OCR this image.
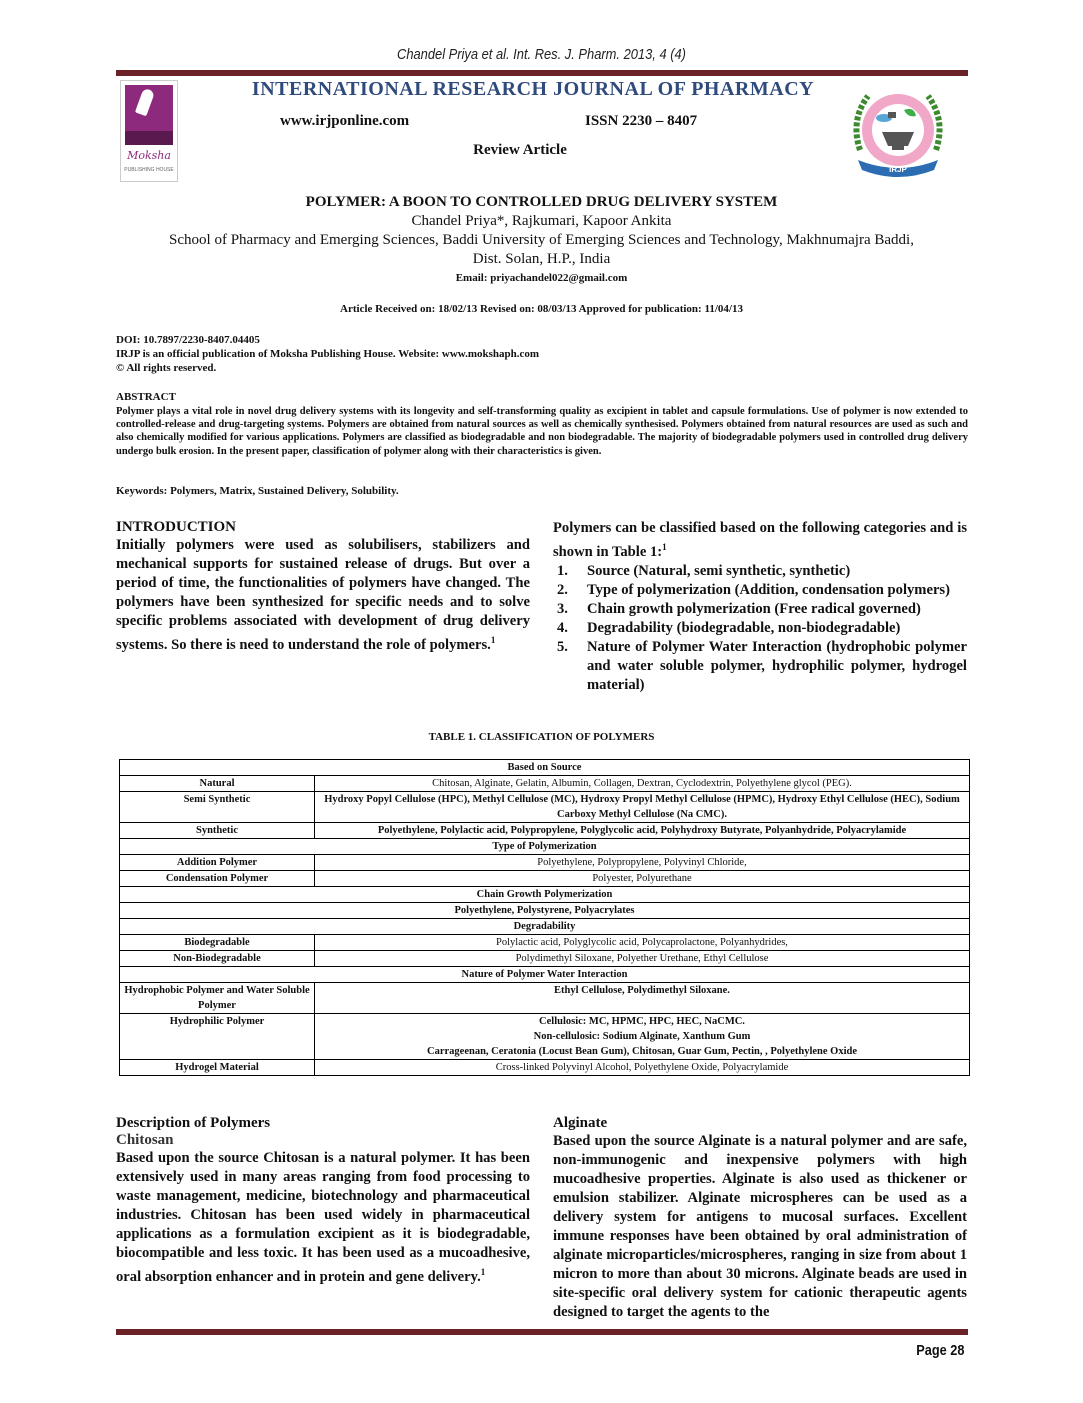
Chandel Priya et al. Int. Res. J. Pharm. 2013, 4 (4)
Moksha
PUBLISHING HOUSE
INTERNATIONAL RESEARCH JOURNAL OF PHARMACY
www.irjponline.com	ISSN 2230 – 8407
Review Article
IRJP
POLYMER: A BOON TO CONTROLLED DRUG DELIVERY SYSTEM
Chandel Priya*, Rajkumari, Kapoor Ankita
School of Pharmacy and Emerging Sciences, Baddi University of Emerging Sciences and Technology, Makhnumajra Baddi,
Dist. Solan, H.P., India
Email: priyachandel022@gmail.com
Article Received on: 18/02/13 Revised on: 08/03/13 Approved for publication: 11/04/13
DOI: 10.7897/2230-8407.04405
IRJP is an official publication of Moksha Publishing House. Website: www.mokshaph.com
© All rights reserved.
ABSTRACT
Polymer plays a vital role in novel drug delivery systems with its longevity and self-transforming quality as excipient in tablet and capsule formulations. Use of polymer is now extended to controlled-release and drug-targeting systems. Polymers are obtained from natural sources as well as chemically synthesised. Polymers obtained from natural resources are used as such and also chemically modified for various applications. Polymers are classified as biodegradable and non biodegradable. The majority of biodegradable polymers used in controlled drug delivery undergo bulk erosion. In the present paper, classification of polymer along with their characteristics is given.
Keywords: Polymers, Matrix, Sustained Delivery, Solubility.
INTRODUCTION
Initially polymers were used as solubilisers, stabilizers and mechanical supports for sustained release of drugs. But over a period of time, the functionalities of polymers have changed. The polymers have been synthesized for specific needs and to solve specific problems associated with development of drug delivery systems. So there is need to understand the role of polymers.$^1$
Polymers can be classified based on the following categories and is shown in Table 1:$^1$
1.	Source (Natural, semi synthetic, synthetic)
2.	Type of polymerization (Addition, condensation polymers)
3.	Chain growth polymerization (Free radical governed)
4.	Degradability (biodegradable, non-biodegradable)
5.	Nature of Polymer Water Interaction (hydrophobic polymer and water soluble polymer, hydrophilic polymer, hydrogel material)
TABLE 1. CLASSIFICATION OF POLYMERS
Based on Source	
Natural	Chitosan, Alginate, Gelatin, Albumin, Collagen, Dextran, Cyclodextrin, Polyethylene glycol (PEG).
Semi Synthetic	Hydroxy Popyl Cellulose (HPC), Methyl Cellulose (MC), Hydroxy Propyl Methyl Cellulose (HPMC), Hydroxy Ethyl Cellulose (HEC), Sodium Carboxy Methyl Cellulose (Na CMC).
Synthetic	Polyethylene, Polylactic acid, Polypropylene, Polyglycolic acid, Polyhydroxy Butyrate, Polyanhydride, Polyacrylamide
Type of Polymerization	
Addition Polymer	Polyethylene, Polypropylene, Polyvinyl Chloride,
Condensation Polymer	Polyester, Polyurethane
Chain Growth Polymerization	
Polyethylene, Polystyrene, Polyacrylates	
Degradability	
Biodegradable	Polylactic acid, Polyglycolic acid, Polycaprolactone, Polyanhydrides,
Non-Biodegradable	Polydimethyl Siloxane, Polyether Urethane, Ethyl Cellulose
Nature of Polymer Water Interaction	
Hydrophobic Polymer and Water Soluble Polymer	Ethyl Cellulose, Polydimethyl Siloxane.
Hydrophilic Polymer	Cellulosic: MC, HPMC, HPC, HEC, NaCMC.
Non-cellulosic: Sodium Alginate, Xanthum Gum
Carrageenan, Ceratonia (Locust Bean Gum), Chitosan, Guar Gum, Pectin, , Polyethylene Oxide

Hydrogel Material	Cross-linked Polyvinyl Alcohol, Polyethylene Oxide, Polyacrylamide
Description of Polymers
Chitosan
Based upon the source Chitosan is a natural polymer. It has been extensively used in many areas ranging from food processing to waste management, medicine, biotechnology and pharmaceutical industries. Chitosan has been used widely in pharmaceutical applications as a formulation excipient as it is biodegradable, biocompatible and less toxic. It has been used as a mucoadhesive, oral absorption enhancer and in protein and gene delivery.$^1$
Alginate
Based upon the source Alginate is a natural polymer and are safe, non-immunogenic and inexpensive polymers with high mucoadhesive properties. Alginate is also used as thickener or emulsion stabilizer. Alginate microspheres can be used as a delivery system for antigens to mucosal surfaces. Excellent immune responses have been obtained by oral administration of alginate microparticles/microspheres, ranging in size from about 1 micron to more than about 30 microns. Alginate beads are used in site-specific oral delivery system for cationic therapeutic agents designed to target the agents to the
Page 28
